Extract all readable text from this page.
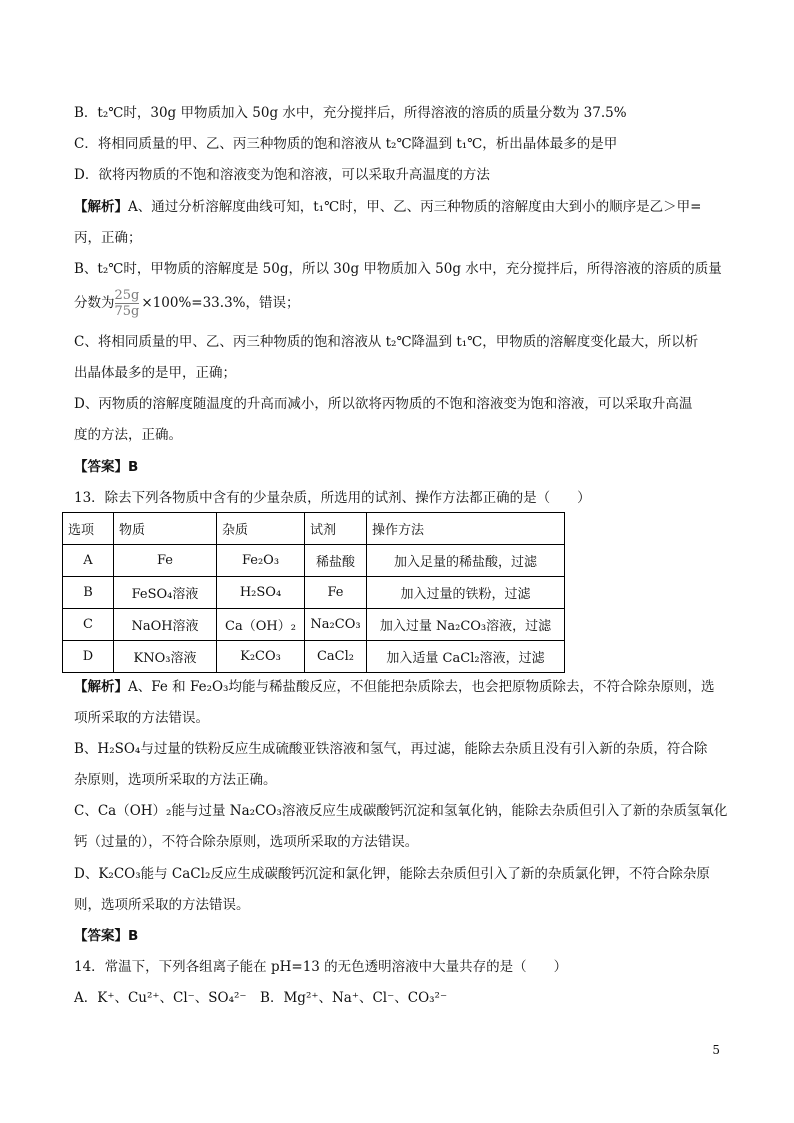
B．t₂℃时，30g 甲物质加入 50g 水中，充分搅拌后，所得溶液的溶质的质量分数为 37.5%
C．将相同质量的甲、乙、丙三种物质的饱和溶液从 t₂℃降温到 t₁℃，析出晶体最多的是甲
D．欲将丙物质的不饱和溶液变为饱和溶液，可以采取升高温度的方法
【解析】A、通过分析溶解度曲线可知，t₁℃时，甲、乙、丙三种物质的溶解度由大到小的顺序是乙＞甲=
丙，正确；
B、t₂℃时，甲物质的溶解度是 50g，所以 30g 甲物质加入 50g 水中，充分搅拌后，所得溶液的溶质的质量
分数为 $\frac{25g}{75g} \times 100\%=33.3\%$，错误；
C、将相同质量的甲、乙、丙三种物质的饱和溶液从 t₂℃降温到 t₁℃，甲物质的溶解度变化最大，所以析
出晶体最多的是甲，正确；
D、丙物质的溶解度随温度的升高而减小，所以欲将丙物质的不饱和溶液变为饱和溶液，可以采取升高温
度的方法，正确。
【答案】B
13．除去下列各物质中含有的少量杂质，所选用的试剂、操作方法都正确的是（　　）
选项	物质	杂质	试剂	操作方法
A	Fe	Fe₂O₃	稀盐酸	加入足量的稀盐酸，过滤
B	FeSO₄溶液	H₂SO₄	Fe	加入过量的铁粉，过滤
C	NaOH溶液	Ca（OH）₂	Na₂CO₃	加入过量 Na₂CO₃溶液，过滤
D	KNO₃溶液	K₂CO₃	CaCl₂	加入适量 CaCl₂溶液，过滤
【解析】A、Fe 和 Fe₂O₃均能与稀盐酸反应，不但能把杂质除去，也会把原物质除去，不符合除杂原则，选
项所采取的方法错误。
B、H₂SO₄与过量的铁粉反应生成硫酸亚铁溶液和氢气，再过滤，能除去杂质且没有引入新的杂质，符合除
杂原则，选项所采取的方法正确。
C、Ca（OH）₂能与过量 Na₂CO₃溶液反应生成碳酸钙沉淀和氢氧化钠，能除去杂质但引入了新的杂质氢氧化
钙（过量的），不符合除杂原则，选项所采取的方法错误。
D、K₂CO₃能与 CaCl₂反应生成碳酸钙沉淀和氯化钾，能除去杂质但引入了新的杂质氯化钾，不符合除杂原
则，选项所采取的方法错误。
【答案】B
14．常温下，下列各组离子能在 pH=13 的无色透明溶液中大量共存的是（　　）
A．K⁺、Cu²⁺、Cl⁻、SO₄²⁻　B．Mg²⁺、Na⁺、Cl⁻、CO₃²⁻
5
